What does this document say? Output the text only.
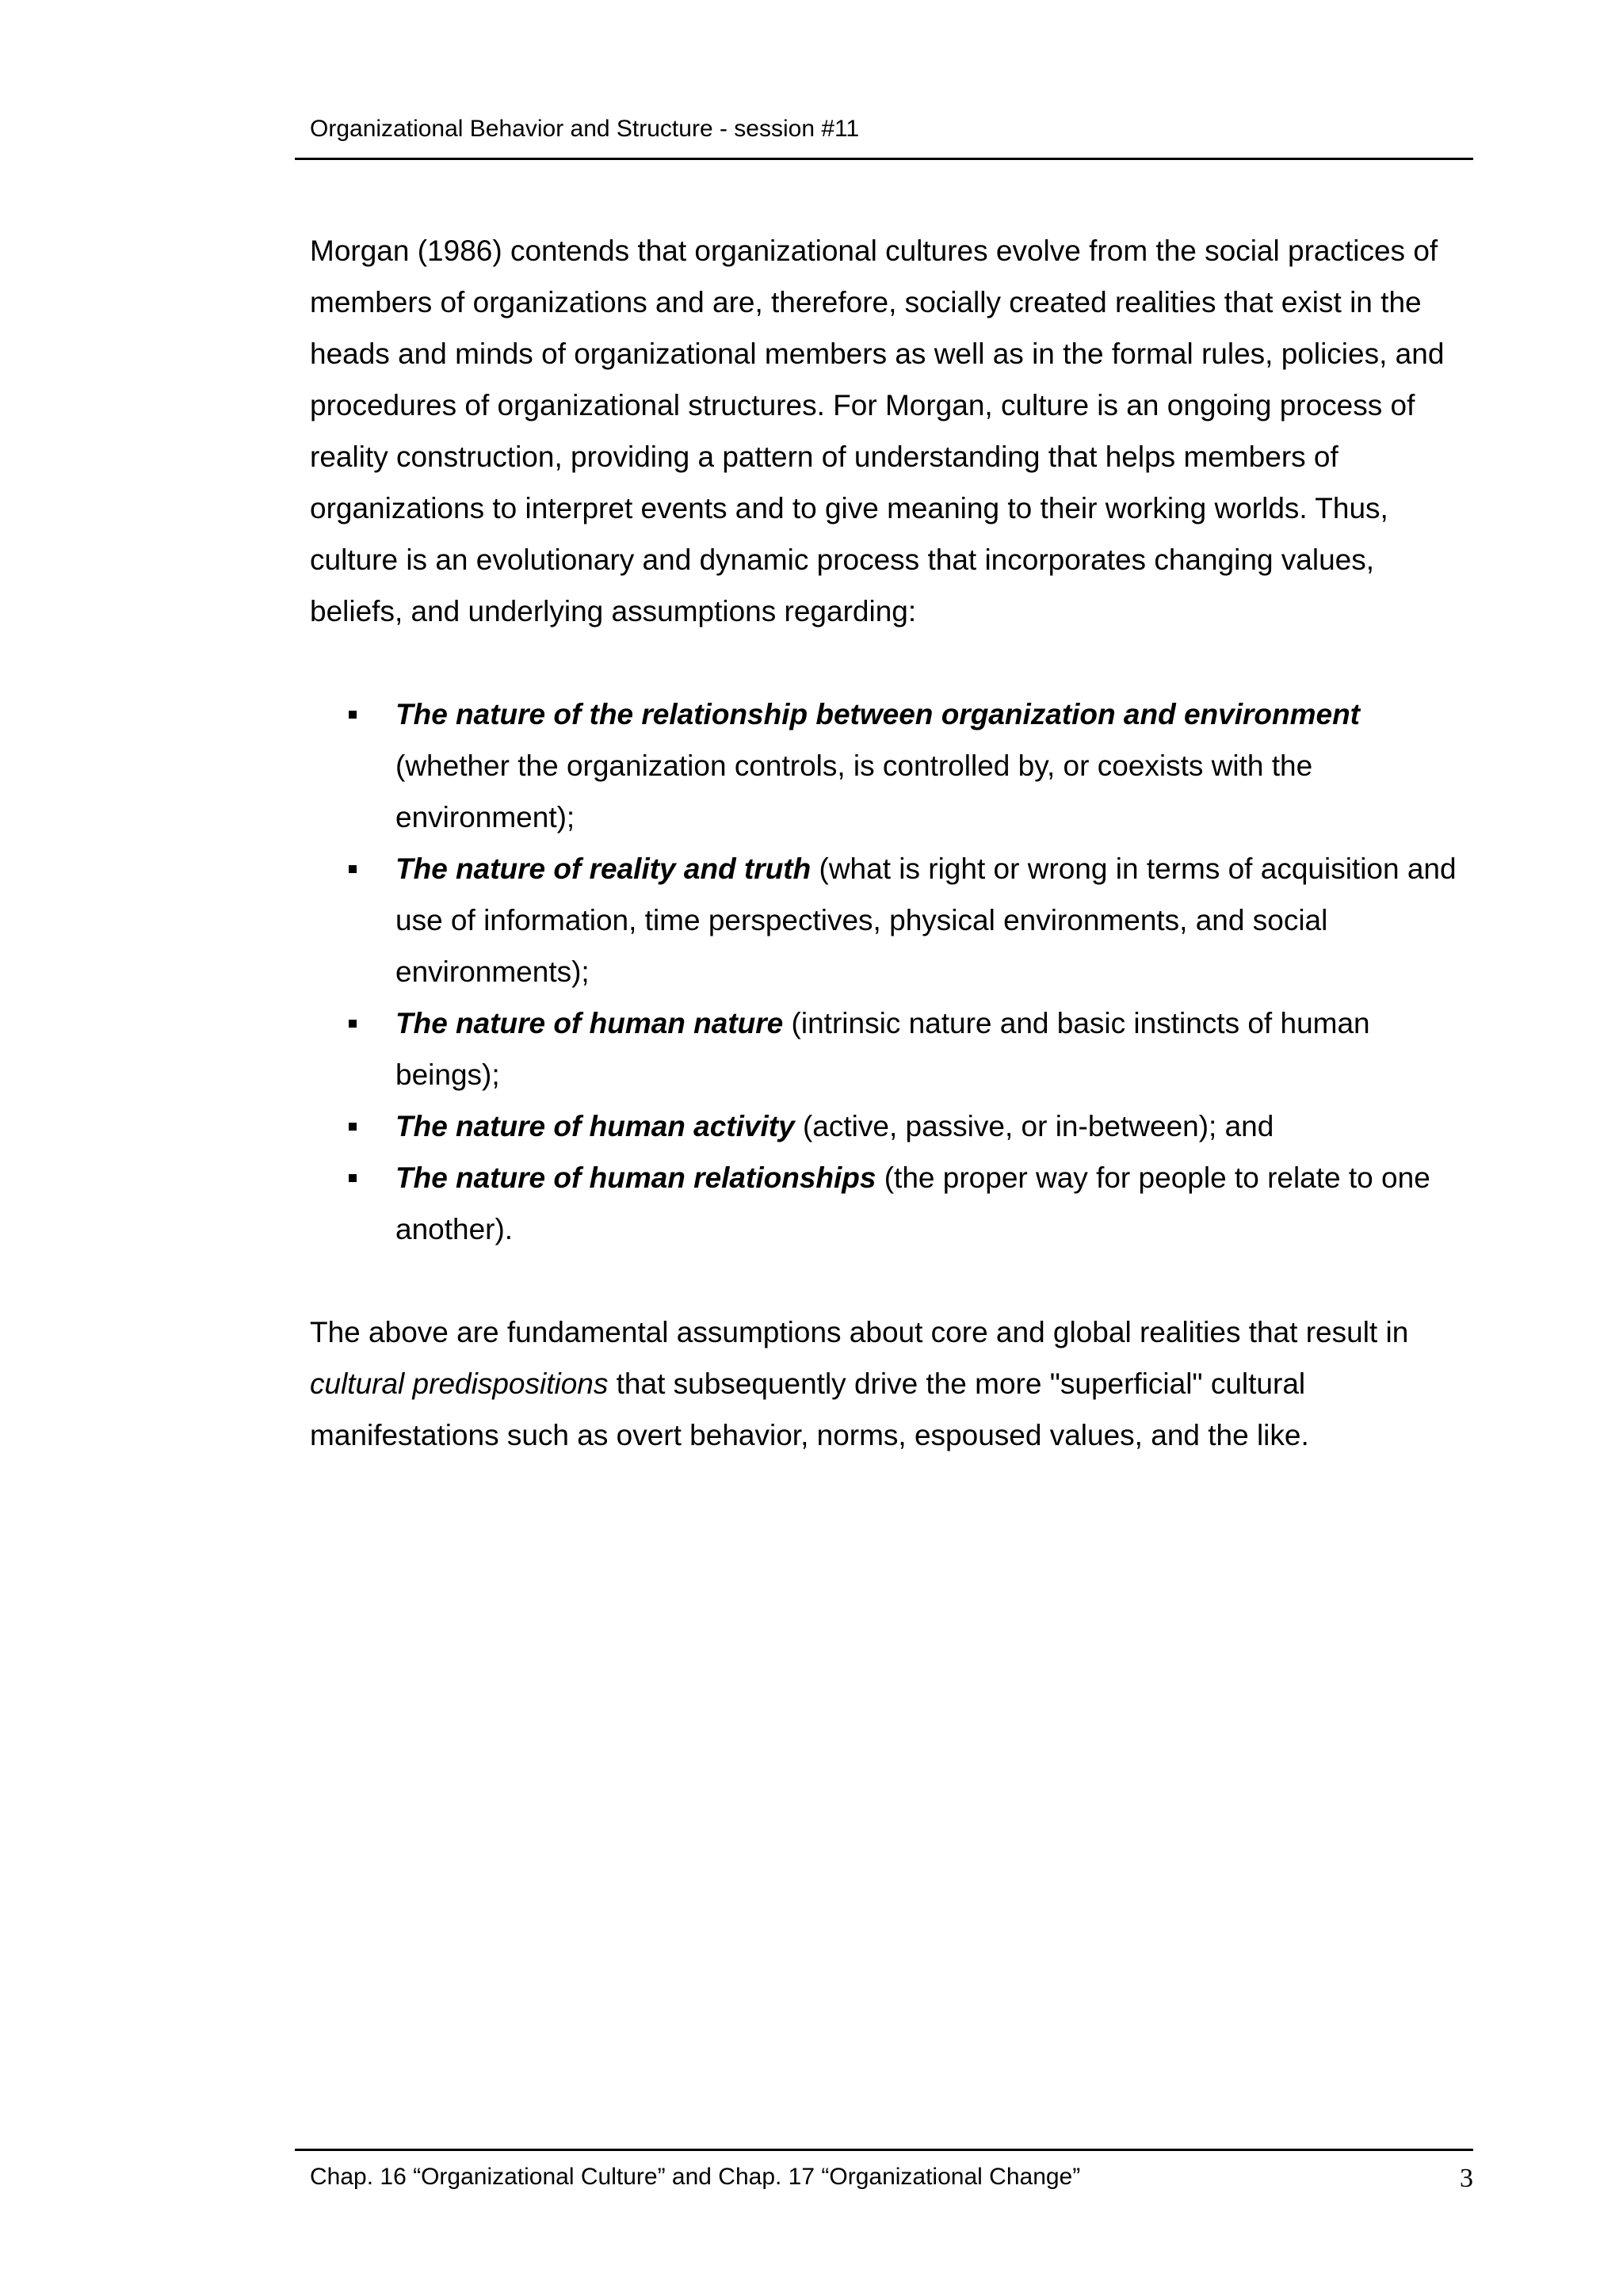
Organizational Behavior and Structure - session #11

Morgan (1986) contends that organizational cultures evolve from the social practices of members of organizations and are, therefore, socially created realities that exist in the heads and minds of organizational members as well as in the formal rules, policies, and procedures of organizational structures. For Morgan, culture is an ongoing process of reality construction, providing a pattern of understanding that helps members of organizations to interpret events and to give meaning to their working worlds. Thus, culture is an evolutionary and dynamic process that incorporates changing values, beliefs, and underlying assumptions regarding:

The nature of the relationship between organization and environment (whether the organization controls, is controlled by, or coexists with the environment);
The nature of reality and truth (what is right or wrong in terms of acquisition and use of information, time perspectives, physical environments, and social environments);
The nature of human nature (intrinsic nature and basic instincts of human beings);
The nature of human activity (active, passive, or in-between); and
The nature of human relationships (the proper way for people to relate to one another).

The above are fundamental assumptions about core and global realities that result in cultural predispositions that subsequently drive the more "superficial" cultural manifestations such as overt behavior, norms, espoused values, and the like.

Chap. 16 “Organizational Culture” and Chap. 17 “Organizational Change”	3
